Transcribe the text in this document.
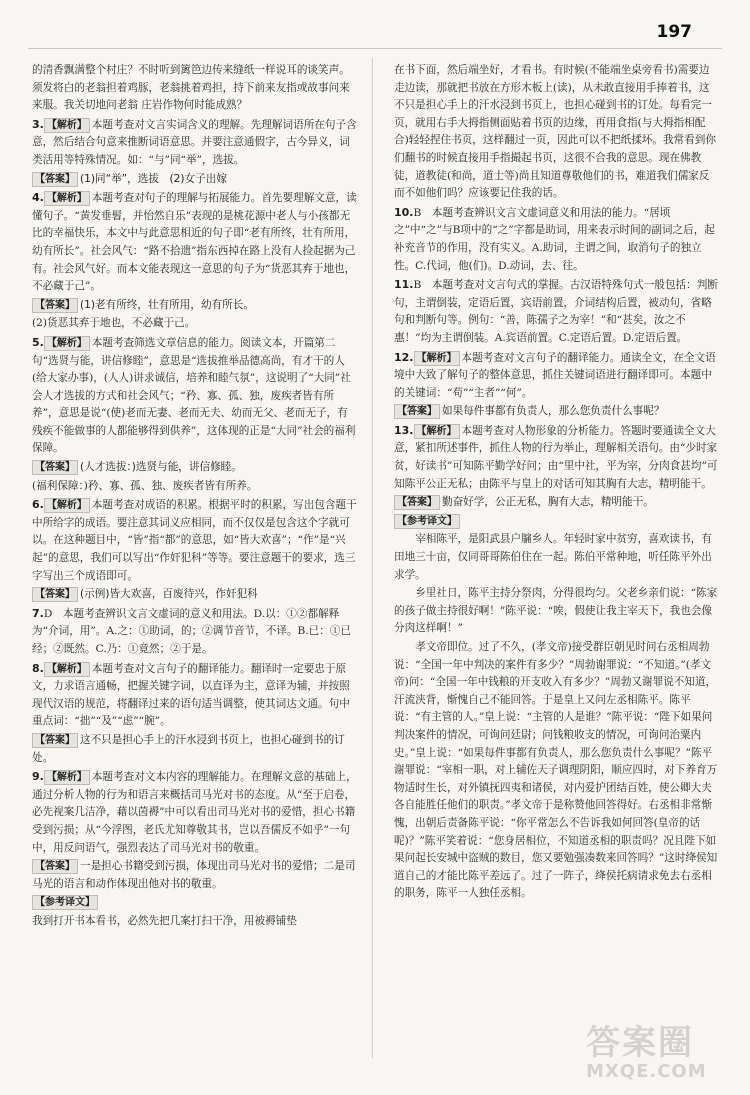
197
的清香飘满整个村庄？不时听到篱笆边传来缝纸一样说耳的谈笑声。 须发将白的老翁担着鸡豚，老翁挑着鸡担，持下前来友指或故事问来来服。我关切地问老翁 庄岩作物何时能成熟？
3. 【解析】 本题考查对文言实词含义的理解。先理解词语所在句子含意，然后结合句意来推断词语意思。并要注意通假字，古今异义，词类活用等特殊情况。如：“与”同“举”，选拔。
【答案】 (1)同“举”，选拔　(2)女子出嫁
4. 【解析】 本题考查对句子的理解与拓展能力。首先要理解文意，读懂句子。“黄发垂髫，并怡然自乐”表现的是桃花源中老人与小孩都无比的幸福快乐，本文中与此意思相近的句子即“老有所终，壮有所用，幼有所长”。社会风气：“路不拾遗”指东西掉在路上没有人捡起据为己有。社会风气好。而本文能表现这一意思的句子为“货恶其弃于地也，不必藏于己”。
【答案】 (1)老有所终，壮有所用，幼有所长。
(2)货恶其弃于地也，不必藏于己。
5. 【解析】 本题考查筛选文章信息的能力。阅读文本，开篇第二句“选贤与能，讲信修睦”，意思是“选拔推举品德高尚，有才干的人(给大家办事)，(人人)讲求诚信，培养和睦气氛”，这说明了“大同”社会人才选拔的方式和社会风气；“矜、寡、孤、独，废疾者皆有所养”，意思是说“(使)老而无妻、老而无夫、幼而无父、老而无子，有残疾不能做事的人都能够得到供养”，这体现的正是“大同”社会的福利保障。
【答案】 (人才选拔：)选贤与能，讲信修睦。
(福利保障：)矜、寡、孤、独、废疾者皆有所养。
6. 【解析】 本题考查对成语的积累。根据平时的积累，写出包含题干中所给字的成语。要注意其词义应相同，而不仅仅是包含这个字就可以。在这种题目中，“皆”指“都”的意思，如“皆大欢喜”；“作”是“兴起”的意思，我们可以写出“作奸犯科”等等。要注意题干的要求，选三字写出三个成语即可。
【答案】 (示例)皆大欢喜，百废待兴，作奸犯科
7.D　本题考查辨识文言文虚词的意义和用法。D.以：①②都解释为“介词，用”。A.之：①助词，的；②调节音节，不译。B.已：①已经；②既然。C.乃：①竟然；②于是。
8. 【解析】 本题考查对文言句子的翻译能力。翻译时一定要忠于原文，力求语言通畅，把握关键字词，以直译为主，意译为辅，并按照现代汉语的规范，将翻译过来的语句适当调整，使其词达文通。句中重点词：“拙”“及”“虑”“腕”。
【答案】 这不只是担心手上的汗水浸到书页上，也担心碰到书的订处。
9. 【解析】 本题考查对文本内容的理解能力。在理解文意的基础上，通过分析人物的行为和语言来概括司马光对书的态度。从“至于启卷，必先视案几洁净，藉以茵褥”中可以看出司马光对书的爱惜，担心书籍受到污损；从“今浮图，老氏尤知尊敬其书，岂以吾儒反不如乎”一句中，用反问语气，强烈表达了司马光对书的敬重。
【答案】 一是担心书籍受到污损，体现出司马光对书的爱惜；二是司马光的语言和动作体现出他对书的敬重。
【参考译文】
我到打开书本看书，必然先把几案打扫干净，用被褥铺垫
在书下面，然后端坐好，才看书。有时候(不能端坐桌旁看书)需要边走边读，那就把书放在方形木板上(读)，从未敢直接用手捧着书，这不只是担心手上的汗水浸到书页上，也担心碰到书的订处。每看完一页，就用右手大拇指侧面贴着书页的边缘，再用食指(与大拇指相配合)轻轻捏住书页，这样翻过一页，因此可以不把纸揉坏。我常看到你们翻书的时候直接用手指撮起书页，这很不合我的意思。现在佛教徒，道教徒(和尚，道士等)尚且知道尊敬他们的书，难道我们儒家反而不如他们吗？应该要记住我的话。
10.B　本题考查辨识文言文虚词意义和用法的能力。“居顷之”中“之”与B项中的“之”字都是助词，用来表示时间的副词之后，起补充音节的作用，没有实义。A.助词，主谓之间，取消句子的独立性。C.代词，他(们)。D.动词，去、往。
11.B　本题考查对文言句式的掌握。古汉语特殊句式一般包括：判断句，主谓倒装，定语后置，宾语前置，介词结构后置，被动句，省略句和判断句等。例句：“善，陈孺子之为宰！”和“甚矣，汝之不惠！”均为主谓倒装。A.宾语前置。C.定语后置。D.定语后置。
12. 【解析】 本题考查对文言句子的翻译能力。通读全文，在全文语境中大致了解句子的整体意思，抓住关键词语进行翻译即可。本题中的关键词：“苟”“主者”“何”。
【答案】 如果每件事都有负责人，那么您负责什么事呢？
13. 【解析】 本题考查对人物形象的分析能力。答题时要通读全文大意，紧扣所述事件，抓住人物的行为举止，理解相关语句。由“少时家贫，好读书”可知陈平勤学好问；由“里中社，平为宰，分肉食甚均”可知陈平公正无私；由陈平与皇上的对话可知其胸有大志，精明能干。
【答案】 勤奋好学，公正无私，胸有大志，精明能干。
【参考译文】
宰相陈平，是阳武县户牖乡人。年轻时家中贫穷，喜欢读书，有田地三十亩，仅同哥哥陈伯住在一起。陈伯平常种地，听任陈平外出求学。
乡里社日，陈平主持分祭肉，分得很均匀。父老乡亲们说：“陈家的孩子做主持很好啊！”陈平说：“唉，假使让我主宰天下，我也会像分肉这样啊！”
孝文帝即位。过了不久，(孝文帝)接受群臣朝见时问右丞相周勃说：“全国一年中判决的案件有多少？”周勃谢罪说：“不知道。”(孝文帝)问：“全国一年中钱粮的开支收入有多少？”周勃又谢罪说不知道，汗流浃背，惭愧自己不能回答。于是皇上又问左丞相陈平。陈平说：“有主管的人。”皇上说：“主管的人是谁？”陈平说：“陛下如果问判决案件的情况，可询问廷尉；问钱粮收支的情况，可询问治粟内史。”皇上说：“如果每件事都有负责人，那么您负责什么事呢？”陈平谢罪说：“宰相一职，对上辅佐天子调理阴阳，顺应四时，对下养育万物适时生长，对外镇抚四夷和诸侯，对内爱护团结百姓，使公卿大夫各自能胜任他们的职责。”孝文帝于是称赞他回答得好。右丞相非常惭愧，出朝后责备陈平说：“你平常怎么不告诉我如何回答(皇帝的话呢)？”陈平笑着说：“您身居相位，不知道丞相的职责吗？况且陛下如果问起长安城中盗贼的数目，您又要勉强凑数来回答吗？”这时绛侯知道自己的才能比陈平差远了。过了一阵子，绛侯托病请求免去右丞相的职务，陈平一人独任丞相。
答案圈
MXQE.COM
